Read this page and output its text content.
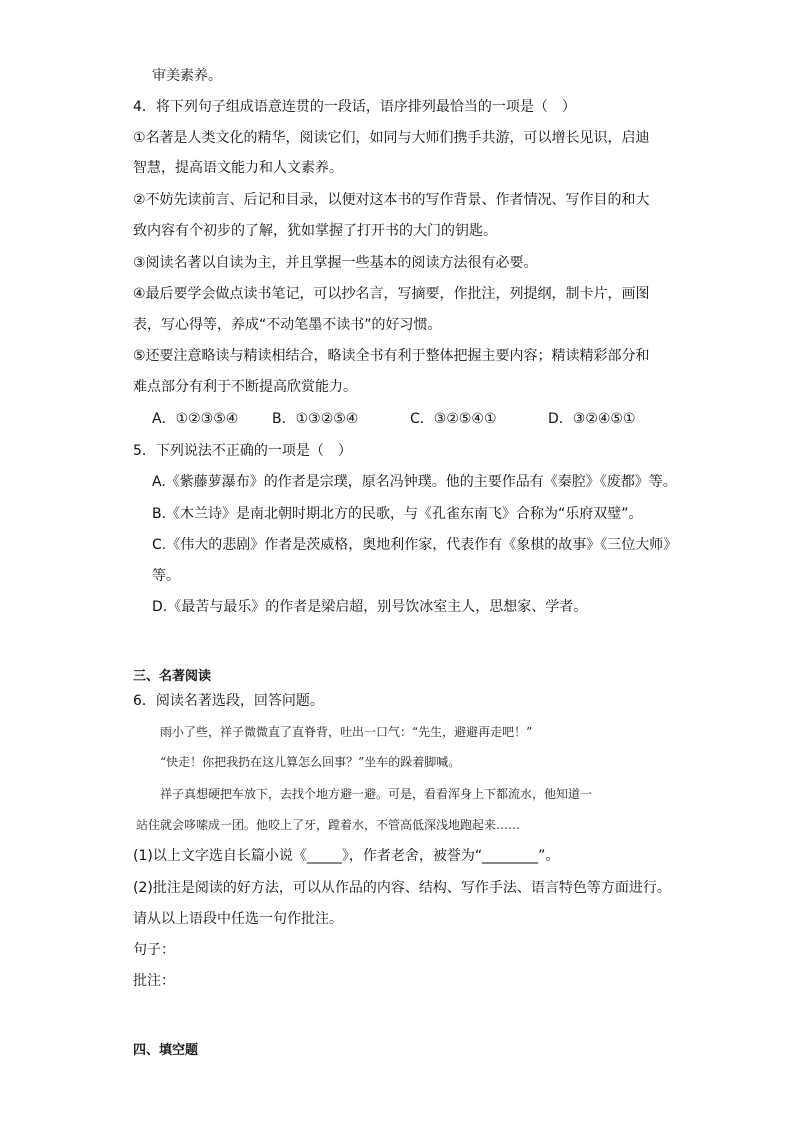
审美素养。
4．将下列句子组成语意连贯的一段话，语序排列最恰当的一项是（　）
①名著是人类文化的精华，阅读它们，如同与大师们携手共游，可以增长见识，启迪
智慧，提高语文能力和人文素养。
②不妨先读前言、后记和目录，以便对这本书的写作背景、作者情况、写作目的和大
致内容有个初步的了解，犹如掌握了打开书的大门的钥匙。
③阅读名著以自读为主，并且掌握一些基本的阅读方法很有必要。
④最后要学会做点读书笔记，可以抄名言，写摘要，作批注，列提纲，制卡片，画图
表，写心得等，养成“不动笔墨不读书”的好习惯。
⑤还要注意略读与精读相结合，略读全书有利于整体把握主要内容；精读精彩部分和
难点部分有利于不断提高欣赏能力。
A．①②③⑤④ B．①③②⑤④	C．③②⑤④①	D．③②④⑤①
5．下列说法不正确的一项是（　）
A.《紫藤萝瀑布》的作者是宗璞，原名冯钟璞。他的主要作品有《秦腔》《废都》等。
B.《木兰诗》是南北朝时期北方的民歌，与《孔雀东南飞》合称为“乐府双璧”。
C.《伟大的悲剧》作者是茨威格，奥地利作家，代表作有《象棋的故事》《三位大师》
等。
D.《最苦与最乐》的作者是梁启超，别号饮冰室主人，思想家、学者。
三、名著阅读
6．阅读名著选段，回答问题。
雨小了些，祥子微微直了直脊背，吐出一口气：“先生，避避再走吧！”
“快走！你把我扔在这儿算怎么回事？”坐车的跺着脚喊。
祥子真想硬把车放下，去找个地方避一避。可是，看看浑身上下都流水，他知道一
站住就会哆嗦成一团。他咬上了牙，蹚着水，不管高低深浅地跑起来……
(1)以上文字选自长篇小说《_____》，作者老舍，被誉为“________”。
(2)批注是阅读的好方法，可以从作品的内容、结构、写作手法、语言特色等方面进行。
请从以上语段中任选一句作批注。
句子：
批注：
四、填空题
